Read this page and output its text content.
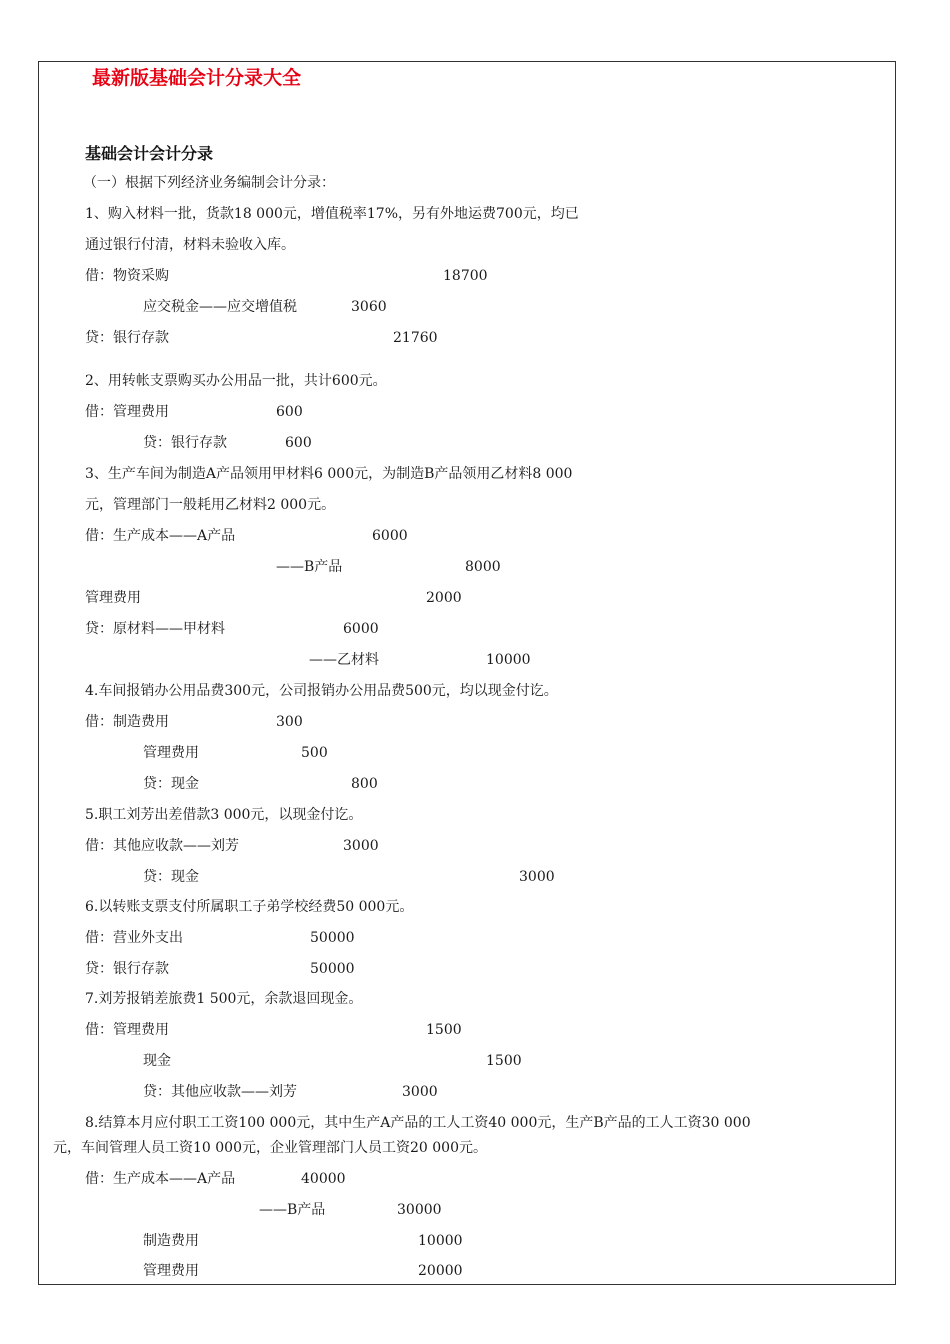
最新版基础会计分录大全
基础会计会计分录
（一）根据下列经济业务编制会计分录：
1、购入材料一批，货款18 000元，增值税率17%，另有外地运费700元，均已
通过银行付清，材料未验收入库。
借：物资采购	18700
应交税金——应交增值税	3060
贷：银行存款	21760
2、用转帐支票购买办公用品一批，共计600元。
借：管理费用	600
贷：银行存款	600
3、生产车间为制造A产品领用甲材料6 000元，为制造B产品领用乙材料8 000
元，管理部门一般耗用乙材料2 000元。
借：生产成本——A产品	6000
——B产品	8000
管理费用	2000
贷：原材料——甲材料	6000
——乙材料	10000
4.车间报销办公用品费300元，公司报销办公用品费500元，均以现金付讫。
借：制造费用	300
管理费用	500
贷：现金	800
5.职工刘芳出差借款3 000元，以现金付讫。
借：其他应收款——刘芳	3000
贷：现金	3000
6.以转账支票支付所属职工子弟学校经费50 000元。
借：营业外支出	50000
贷：银行存款	50000
7.刘芳报销差旅费1 500元，余款退回现金。
借：管理费用	1500
现金	1500
贷：其他应收款——刘芳	3000
8.结算本月应付职工工资100 000元，其中生产A产品的工人工资40 000元，生产B产品的工人工资30 000
元，车间管理人员工资10 000元，企业管理部门人员工资20 000元。
借：生产成本——A产品	40000
——B产品	30000
制造费用	10000
管理费用	20000
